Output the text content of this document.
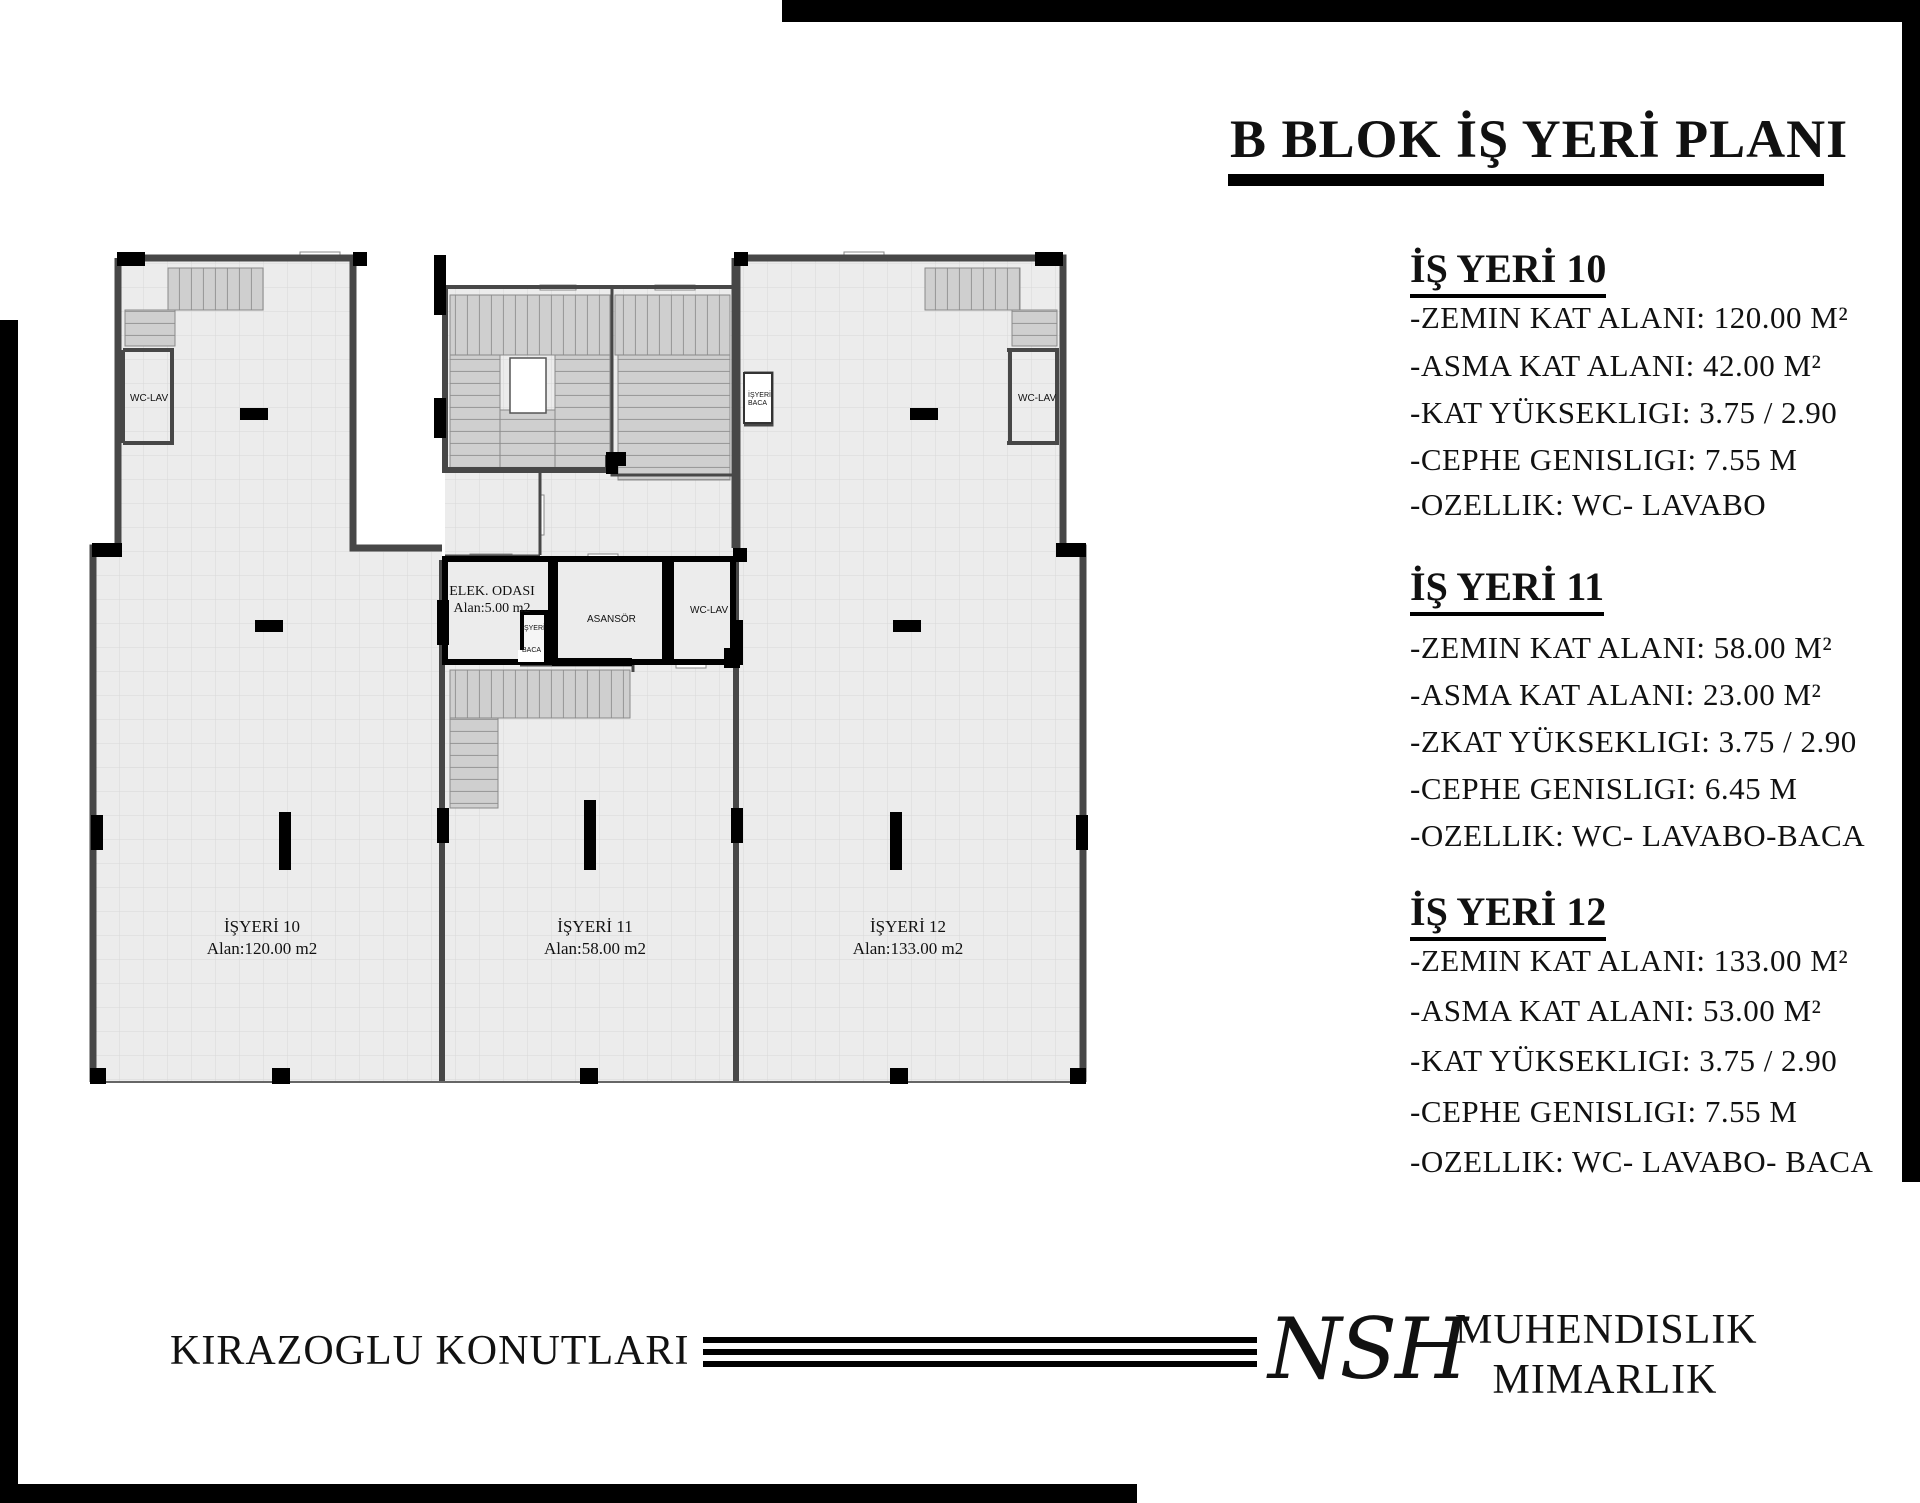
B BLOK İŞ YERİ PLANI
İŞ YERİ 10
-ZEMIN KAT ALANI: 120.00 M²
-ASMA KAT ALANI: 42.00 M²
-KAT YÜKSEKLIGI: 3.75 / 2.90
-CEPHE GENISLIGI: 7.55 M
-OZELLIK: WC- LAVABO
İŞ YERİ 11
-ZEMIN KAT ALANI: 58.00 M²
-ASMA KAT ALANI: 23.00 M²
-ZKAT YÜKSEKLIGI: 3.75 / 2.90
-CEPHE GENISLIGI: 6.45 M
-OZELLIK: WC- LAVABO-BACA
İŞ YERİ 12
-ZEMIN KAT ALANI: 133.00 M²
-ASMA KAT ALANI: 53.00 M²
-KAT YÜKSEKLIGI: 3.75 / 2.90
-CEPHE GENISLIGI: 7.55 M
-OZELLIK: WC- LAVABO- BACA
İŞYERİ 10
Alan:120.00 m2
İŞYERİ 11
Alan:58.00 m2
İŞYERİ 12
Alan:133.00 m2
ELEK. ODASI
Alan:5.00 m2
WC-LAV	WC-LAV
WC-LAV
ASANSÖR
İŞYERİ
BACA
İŞYERİ
BACA
KIRAZOGLU KONUTLARI	NSH
MUHENDISLIK
MIMARLIK
